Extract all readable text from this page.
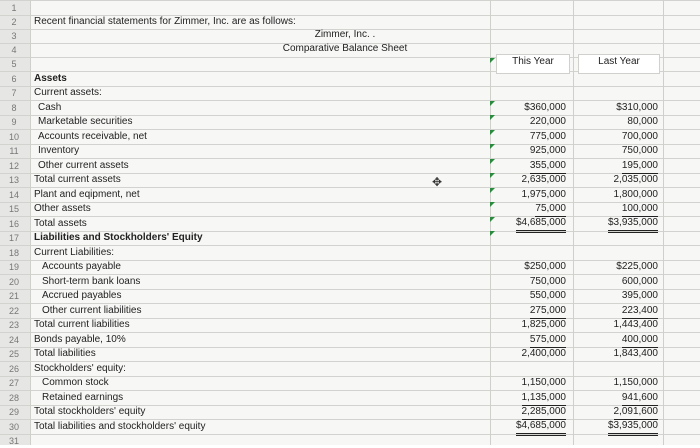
1
2
3
4
5
6
7
8
9
10
11
12
13
14
15
16
17
18
19
20
21
22
23
24
25
26
27
28
29
30
31
Recent financial statements for Zimmer, Inc. are as follows:
Zimmer, Inc. .
Comparative Balance Sheet
This Year	Last Year
✥
Assets
Current assets:
Cash	$360,000	$310,000
Marketable securities	220,000	80,000
Accounts receivable, net	775,000	700,000
Inventory	925,000	750,000
Other current assets	355,000	195,000
Total current assets	2,635,000	2,035,000
Plant and eqipment, net	1,975,000	1,800,000
Other assets	75,000	100,000
Total assets	$4,685,000	$3,935,000
Liabilities and Stockholders' Equity
Current Liabilities:
Accounts payable	$250,000	$225,000
Short-term bank loans	750,000	600,000
Accrued payables	550,000	395,000
Other current liabilities	275,000	223,400
Total current liabilities	1,825,000	1,443,400
Bonds payable, 10%	575,000	400,000
Total liabilities	2,400,000	1,843,400
Stockholders' equity:
Common stock	1,150,000	1,150,000
Retained earnings	1,135,000	941,600
Total stockholders' equity	2,285,000	2,091,600
Total liabilities and stockholders' equity	$4,685,000	$3,935,000
